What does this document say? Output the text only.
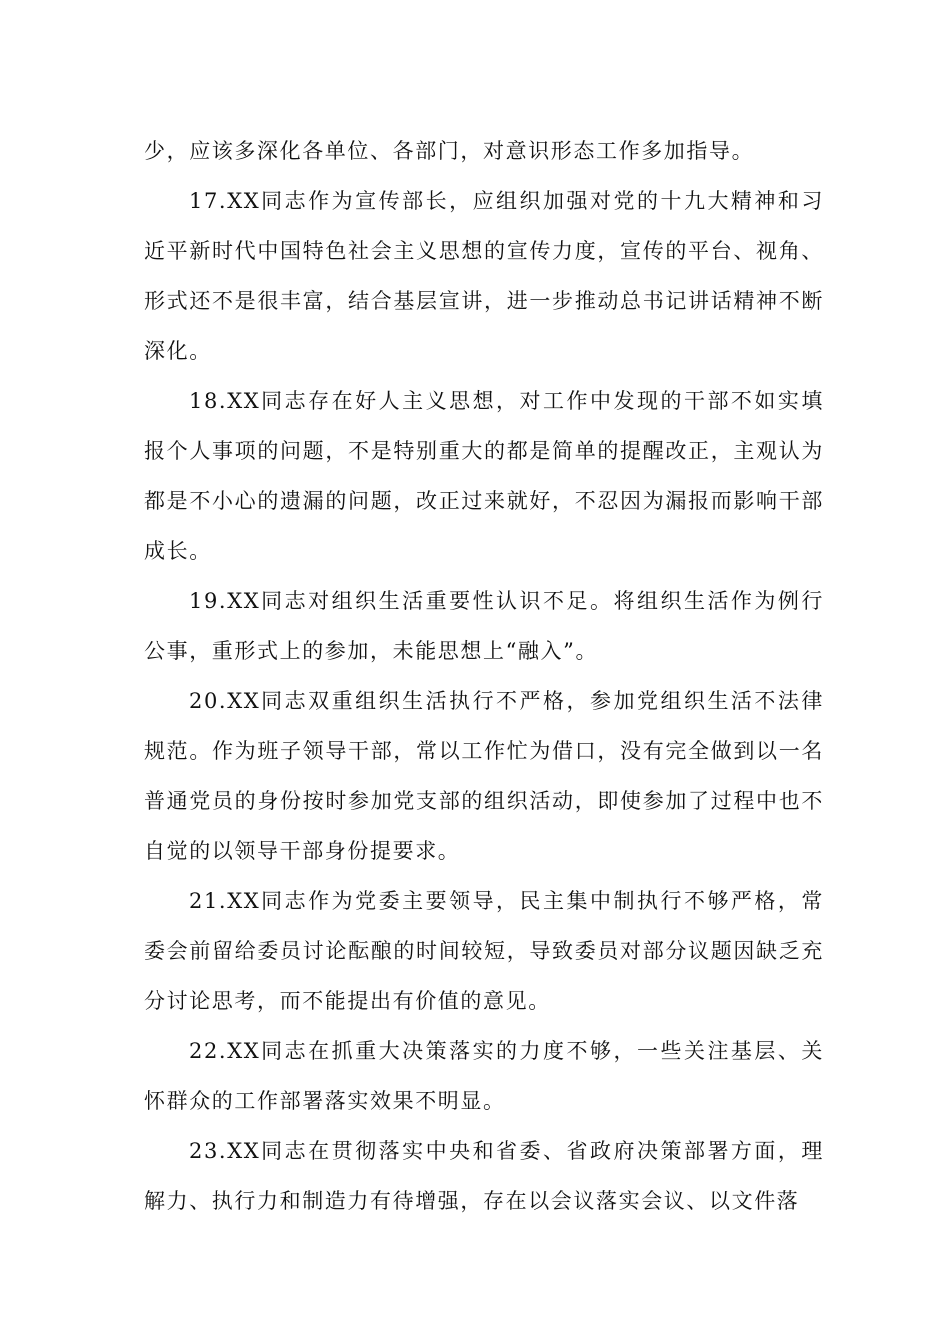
少，应该多深化各单位、各部门，对意识形态工作多加指导。

17.XX同志作为宣传部长，应组织加强对党的十九大精神和习近平新时代中国特色社会主义思想的宣传力度，宣传的平台、视角、形式还不是很丰富，结合基层宣讲，进一步推动总书记讲话精神不断深化。

18.XX同志存在好人主义思想，对工作中发现的干部不如实填报个人事项的问题，不是特别重大的都是简单的提醒改正，主观认为都是不小心的遗漏的问题，改正过来就好，不忍因为漏报而影响干部成长。

19.XX同志对组织生活重要性认识不足。将组织生活作为例行公事，重形式上的参加，未能思想上“融入”。

20.XX同志双重组织生活执行不严格，参加党组织生活不法律规范。作为班子领导干部，常以工作忙为借口，没有完全做到以一名普通党员的身份按时参加党支部的组织活动，即使参加了过程中也不自觉的以领导干部身份提要求。

21.XX同志作为党委主要领导，民主集中制执行不够严格，常委会前留给委员讨论酝酿的时间较短，导致委员对部分议题因缺乏充分讨论思考，而不能提出有价值的意见。

22.XX同志在抓重大决策落实的力度不够，一些关注基层、关怀群众的工作部署落实效果不明显。

23.XX同志在贯彻落实中央和省委、省政府决策部署方面，理解力、执行力和制造力有待增强，存在以会议落实会议、以文件落
